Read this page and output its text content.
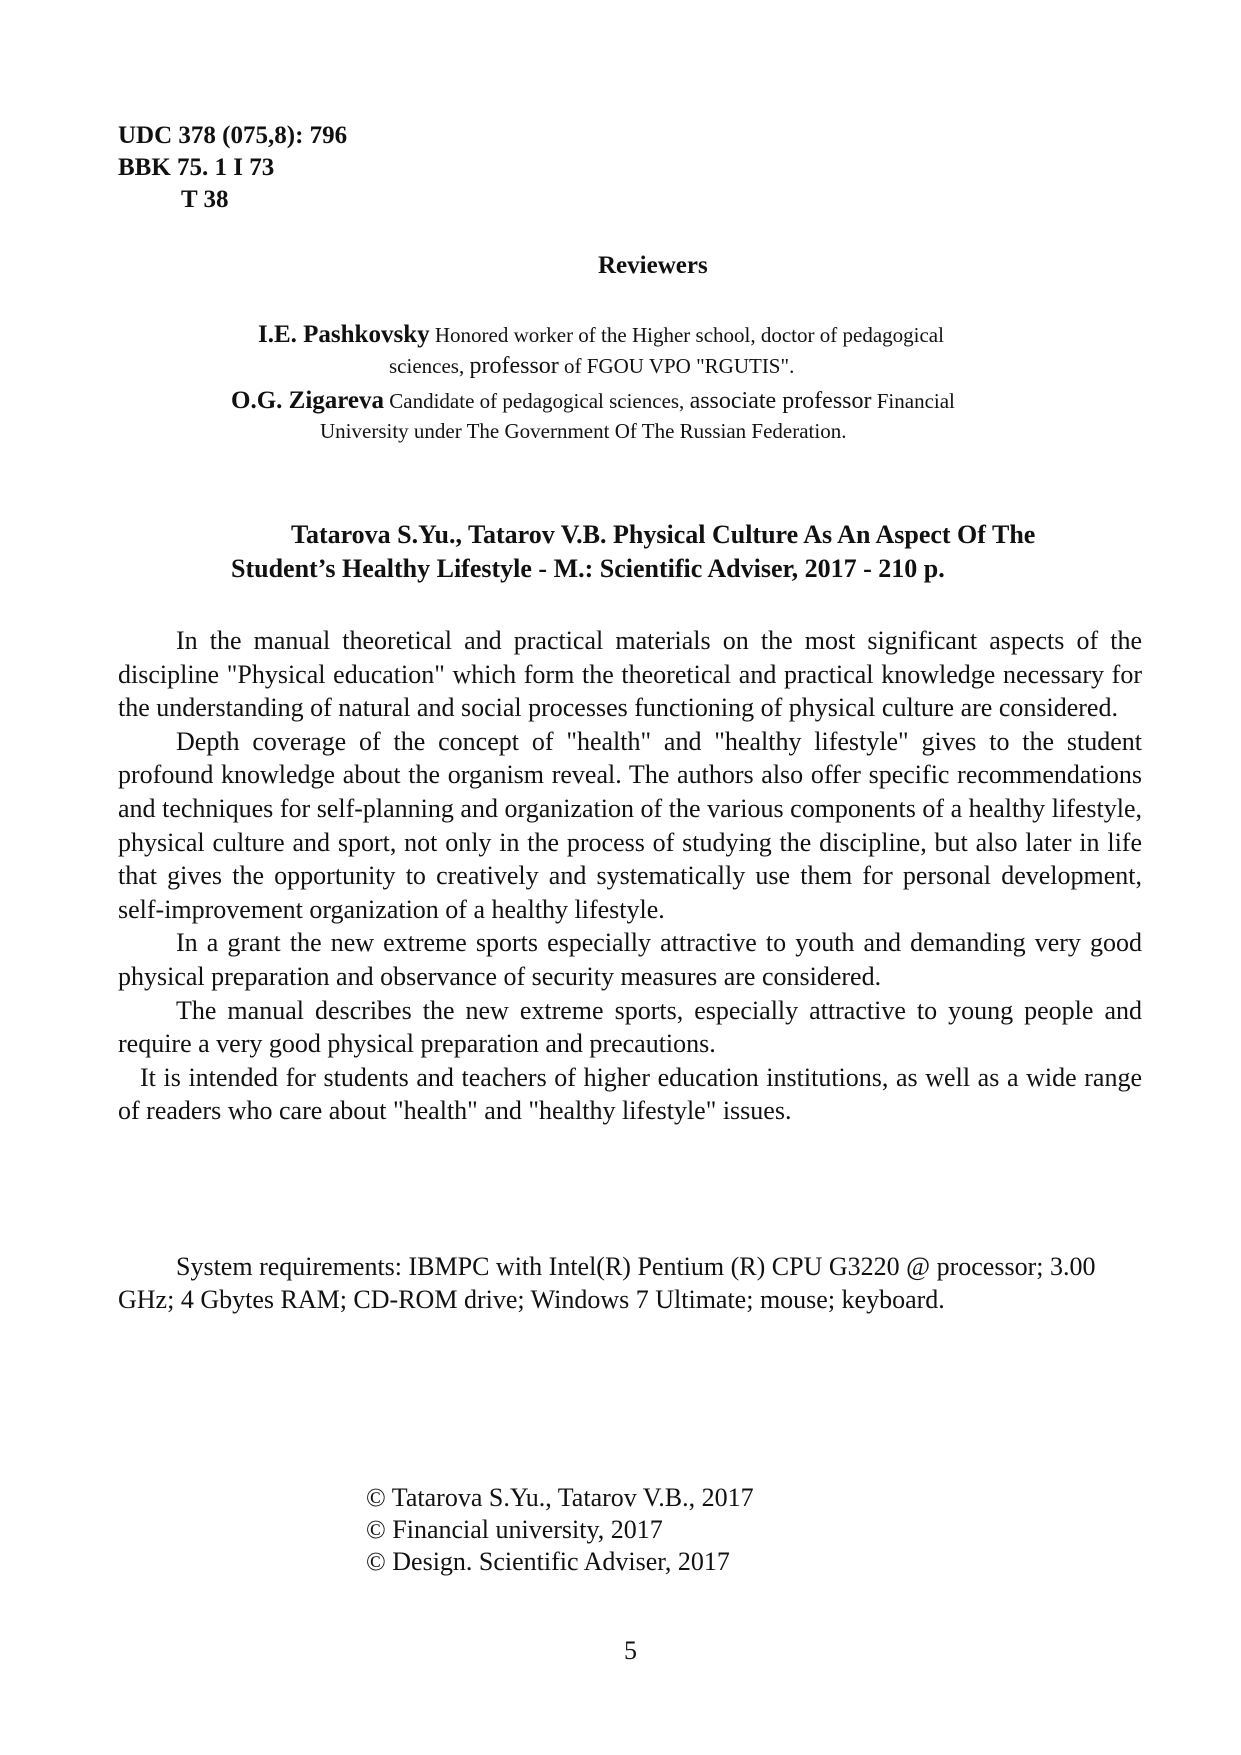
UDC 378 (075,8): 796
BBK 75. 1 I 73
T 38
Reviewers
I.E. Pashkovsky Honored worker of the Higher school, doctor of pedagogical
sciences, professor of FGOU VPO "RGUTIS".
O.G. Zigareva Candidate of pedagogical sciences, associate professor Financial
University under The Government Of The Russian Federation.
Tatarova S.Yu., Tatarov V.B. Physical Culture As An Aspect Of The
Student’s Healthy Lifestyle - M.: Scientific Adviser, 2017 - 210 p.
In the manual theoretical and practical materials on the most significant aspects of the discipline "Physical education" which form the theoretical and practical knowledge necessary for the understanding of natural and social processes functioning of physical culture are considered.
Depth coverage of the concept of "health" and "healthy lifestyle" gives to the student profound knowledge about the organism reveal. The authors also offer specific recommendations and techniques for self-planning and organization of the various components of a healthy lifestyle, physical culture and sport, not only in the process of studying the discipline, but also later in life that gives the opportunity to creatively and systematically use them for personal development, self-improvement organization of a healthy lifestyle.
In a grant the new extreme sports especially attractive to youth and demanding very good physical preparation and observance of security measures are considered.
The manual describes the new extreme sports, especially attractive to young people and require a very good physical preparation and precautions.
It is intended for students and teachers of higher education institutions, as well as a wide range of readers who care about "health" and "healthy lifestyle" issues.
System requirements: IBMPC with Intel(R) Pentium (R) CPU G3220 @ processor; 3.00 GHz; 4 Gbytes RAM; CD-ROM drive; Windows 7 Ultimate; mouse; keyboard.
© Tatarova S.Yu., Tatarov V.B., 2017
© Financial university, 2017
© Design. Scientific Adviser, 2017
5
